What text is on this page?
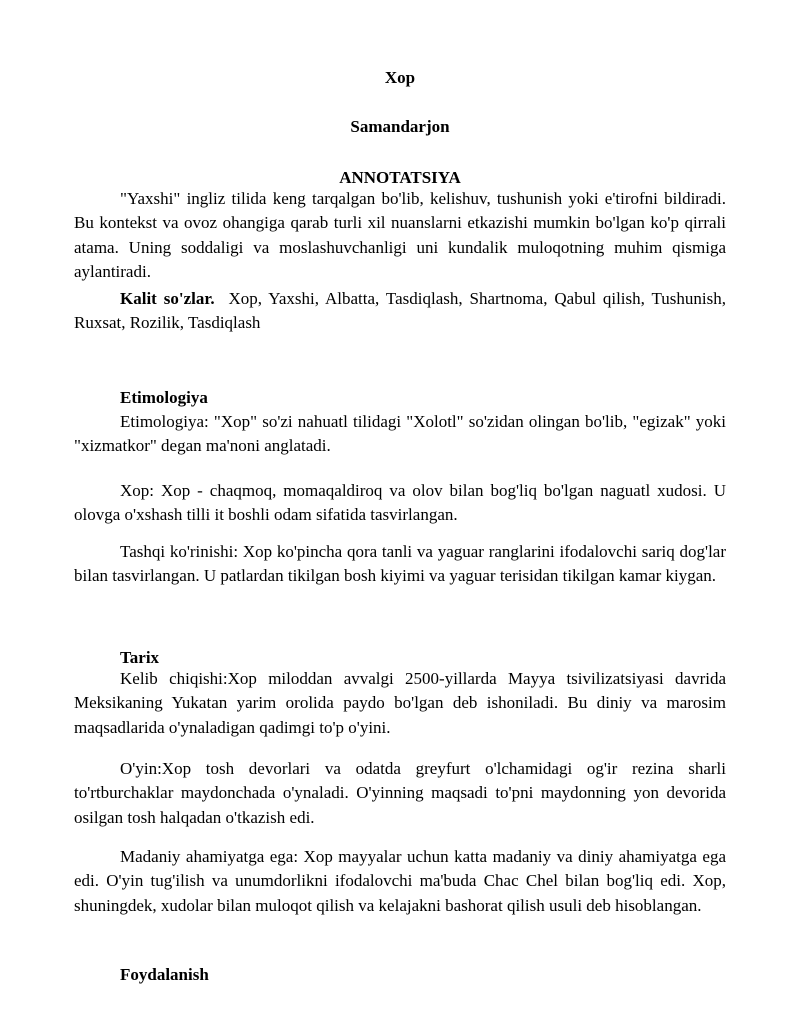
Xop
Samandarjon
ANNOTATSIYA
"Yaxshi" ingliz tilida keng tarqalgan bo'lib, kelishuv, tushunish yoki e'tirofni bildiradi. Bu kontekst va ovoz ohangiga qarab turli xil nuanslarni etkazishi mumkin bo'lgan ko'p qirrali atama. Uning soddaligi va moslashuvchanligi uni kundalik muloqotning muhim qismiga aylantiradi.
Kalit so'zlar. Xop, Yaxshi, Albatta, Tasdiqlash, Shartnoma, Qabul qilish, Tushunish, Ruxsat, Rozilik, Tasdiqlash
Etimologiya
Etimologiya: "Xop" so'zi nahuatl tilidagi "Xolotl" so'zidan olingan bo'lib, "egizak" yoki "xizmatkor" degan ma'noni anglatadi.
Xop: Xop - chaqmoq, momaqaldiroq va olov bilan bog'liq bo'lgan naguatl xudosi. U olovga o'xshash tilli it boshli odam sifatida tasvirlangan.
Tashqi ko'rinishi: Xop ko'pincha qora tanli va yaguar ranglarini ifodalovchi sariq dog'lar bilan tasvirlangan. U patlardan tikilgan bosh kiyimi va yaguar terisidan tikilgan kamar kiygan.
Tarix
Kelib chiqishi:Xop miloddan avvalgi 2500-yillarda Mayya tsivilizatsiyasi davrida Meksikaning Yukatan yarim orolida paydo bo'lgan deb ishoniladi. Bu diniy va marosim maqsadlarida o'ynaladigan qadimgi to'p o'yini.
O'yin:Xop tosh devorlari va odatda greyfurt o'lchamidagi og'ir rezina sharli to'rtburchaklar maydonchada o'ynaladi. O'yinning maqsadi to'pni maydonning yon devorida osilgan tosh halqadan o'tkazish edi.
Madaniy ahamiyatga ega: Xop mayyalar uchun katta madaniy va diniy ahamiyatga ega edi. O'yin tug'ilish va unumdorlikni ifodalovchi ma'buda Chac Chel bilan bog'liq edi. Xop, shuningdek, xudolar bilan muloqot qilish va kelajakni bashorat qilish usuli deb hisoblangan.
Foydalanish
